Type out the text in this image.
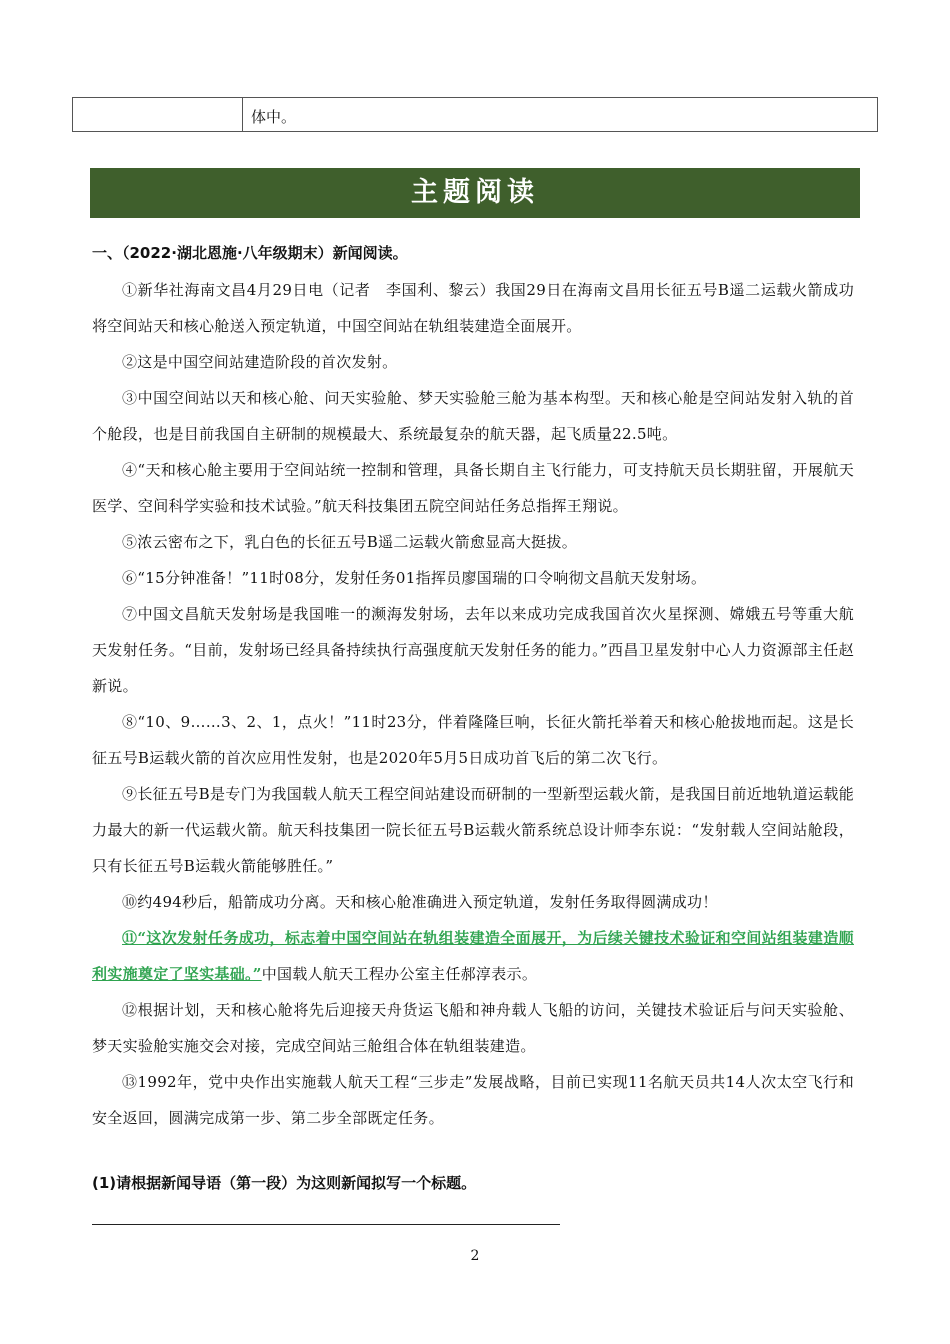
体中。
主题阅读
一、（2022·湖北恩施·八年级期末）新闻阅读。

①新华社海南文昌4月29日电（记者　李国利、黎云）我国29日在海南文昌用长征五号B遥二运载火箭成功将空间站天和核心舱送入预定轨道，中国空间站在轨组装建造全面展开。

②这是中国空间站建造阶段的首次发射。

③中国空间站以天和核心舱、问天实验舱、梦天实验舱三舱为基本构型。天和核心舱是空间站发射入轨的首个舱段，也是目前我国自主研制的规模最大、系统最复杂的航天器，起飞质量22.5吨。

④“天和核心舱主要用于空间站统一控制和管理，具备长期自主飞行能力，可支持航天员长期驻留，开展航天医学、空间科学实验和技术试验。”航天科技集团五院空间站任务总指挥王翔说。

⑤浓云密布之下，乳白色的长征五号B遥二运载火箭愈显高大挺拔。

⑥“15分钟准备！”11时08分，发射任务01指挥员廖国瑞的口令响彻文昌航天发射场。

⑦中国文昌航天发射场是我国唯一的濒海发射场，去年以来成功完成我国首次火星探测、嫦娥五号等重大航天发射任务。“目前，发射场已经具备持续执行高强度航天发射任务的能力。”西昌卫星发射中心人力资源部主任赵新说。

⑧“10、9……3、2、1，点火！”11时23分，伴着隆隆巨响，长征火箭托举着天和核心舱拔地而起。这是长征五号B运载火箭的首次应用性发射，也是2020年5月5日成功首飞后的第二次飞行。

⑨长征五号B是专门为我国载人航天工程空间站建设而研制的一型新型运载火箭，是我国目前近地轨道运载能力最大的新一代运载火箭。航天科技集团一院长征五号B运载火箭系统总设计师李东说：“发射载人空间站舱段，只有长征五号B运载火箭能够胜任。”

⑩约494秒后，船箭成功分离。天和核心舱准确进入预定轨道，发射任务取得圆满成功！

⑪“这次发射任务成功，标志着中国空间站在轨组装建造全面展开，为后续关键技术验证和空间站组装建造顺利实施奠定了坚实基础。”中国载人航天工程办公室主任郝淳表示。

⑫根据计划，天和核心舱将先后迎接天舟货运飞船和神舟载人飞船的访问，关键技术验证后与问天实验舱、梦天实验舱实施交会对接，完成空间站三舱组合体在轨组装建造。

⑬1992年，党中央作出实施载人航天工程“三步走”发展战略，目前已实现11名航天员共14人次太空飞行和安全返回，圆满完成第一步、第二步全部既定任务。

(1)请根据新闻导语（第一段）为这则新闻拟写一个标题。
2
